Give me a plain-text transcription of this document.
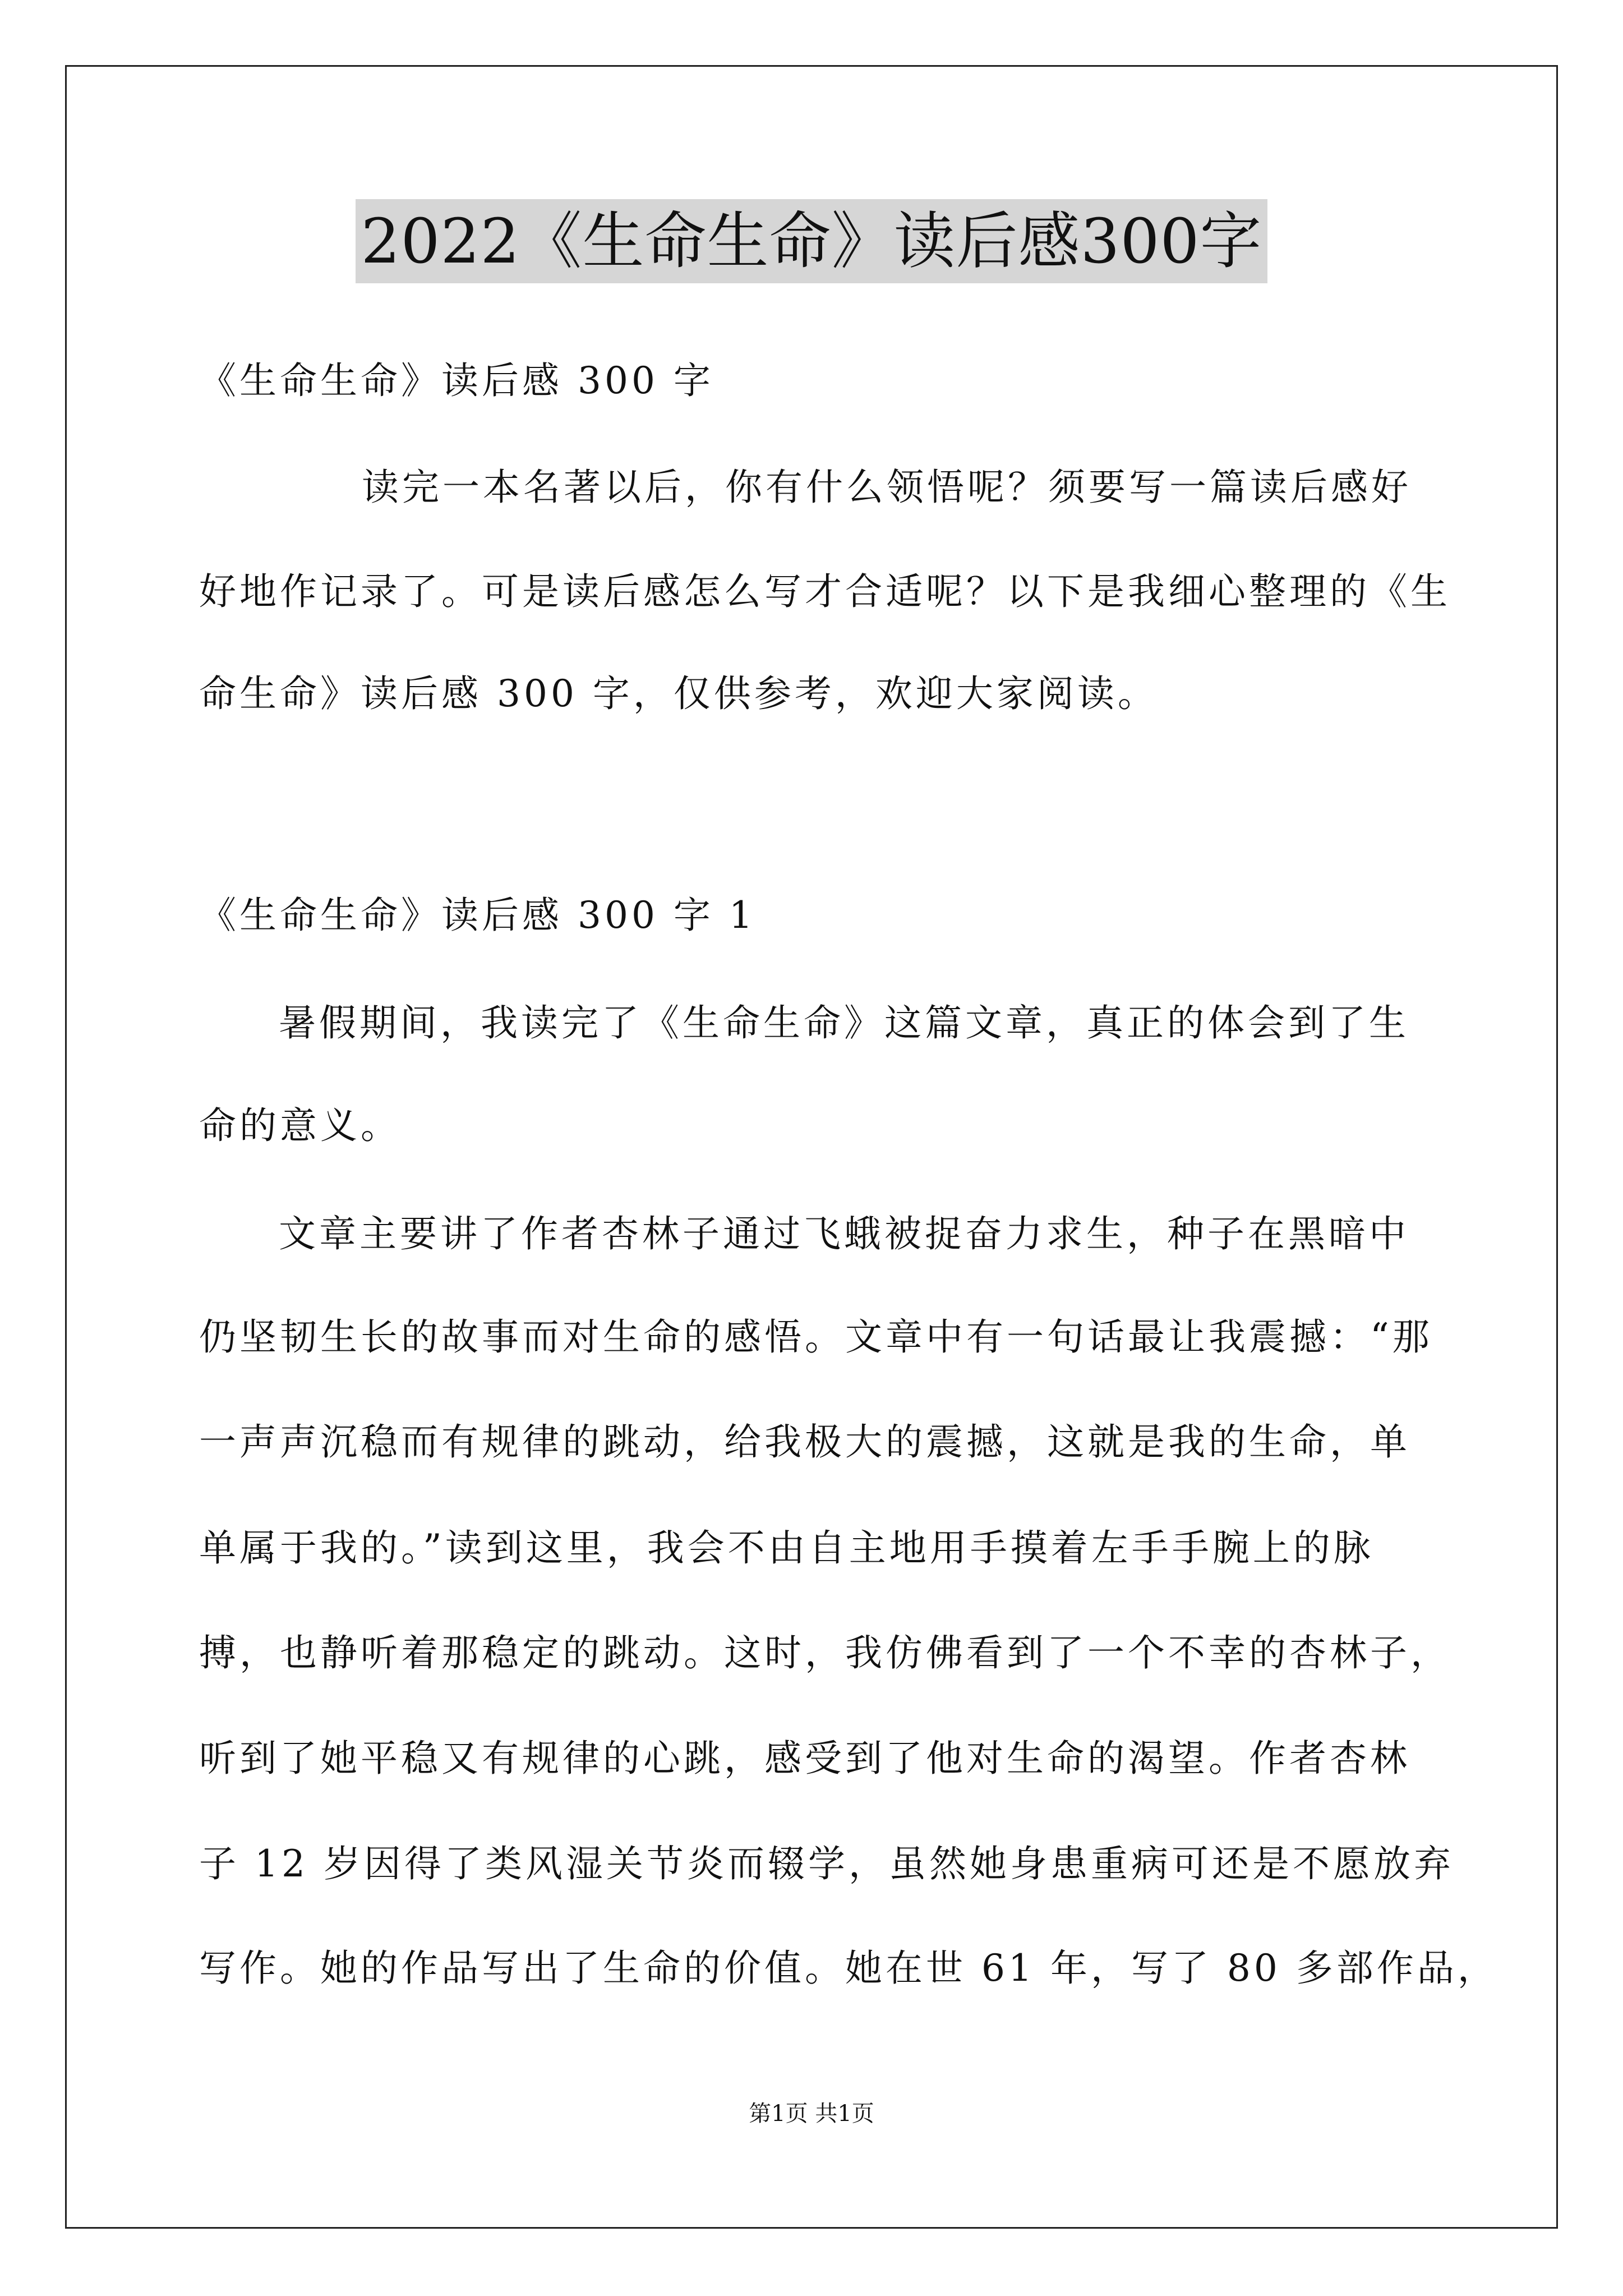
2022《生命生命》读后感300字
《生命生命》读后感 300 字
读完一本名著以后，你有什么领悟呢？须要写一篇读后感好
好地作记录了。可是读后感怎么写才合适呢？以下是我细心整理的《生
命生命》读后感 300 字，仅供参考，欢迎大家阅读。
《生命生命》读后感 300 字 1
暑假期间，我读完了《生命生命》这篇文章，真正的体会到了生
命的意义。
文章主要讲了作者杏林子通过飞蛾被捉奋力求生，种子在黑暗中
仍坚韧生长的故事而对生命的感悟。文章中有一句话最让我震撼：“那
一声声沉稳而有规律的跳动，给我极大的震撼，这就是我的生命，单
单属于我的。”读到这里，我会不由自主地用手摸着左手手腕上的脉
搏，也静听着那稳定的跳动。这时，我仿佛看到了一个不幸的杏林子，
听到了她平稳又有规律的心跳，感受到了他对生命的渴望。作者杏林
子 12 岁因得了类风湿关节炎而辍学，虽然她身患重病可还是不愿放弃
写作。她的作品写出了生命的价值。她在世 61 年，写了 80 多部作品，
第1页 共1页
